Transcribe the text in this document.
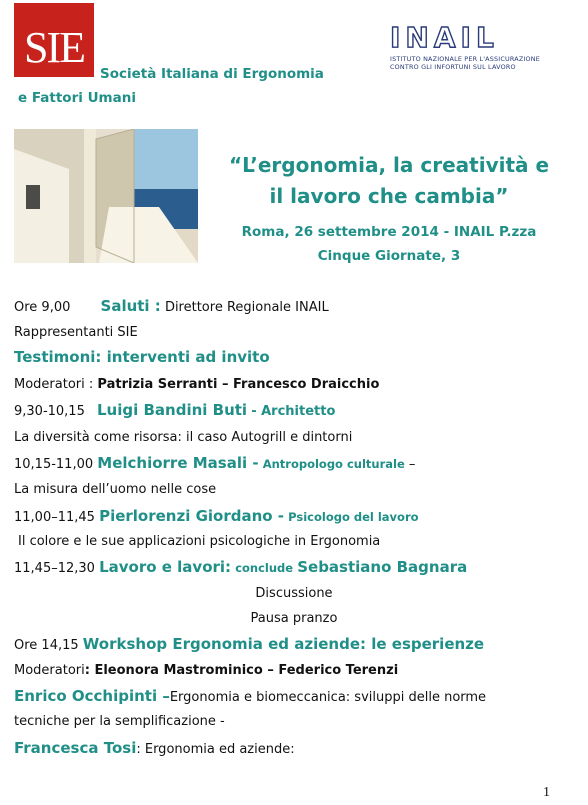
SIE
Società Italiana di Ergonomia
e Fattori Umani
INAIL
ISTITUTO NAZIONALE PER L'ASSICURAZIONE
CONTRO GLI INFORTUNI SUL LAVORO
“L’ergonomia, la creatività e
il lavoro che cambia”
Roma, 26 settembre 2014 - INAIL P.zza
Cinque Giornate, 3
Ore 9,00 Saluti : Direttore Regionale INAIL
Rappresentanti SIE
Testimoni: interventi ad invito
Moderatori : Patrizia Serranti – Francesco Draicchio
9,30-10,15 Luigi Bandini Buti - Architetto
La diversità come risorsa: il caso Autogrill e dintorni
10,15-11,00 Melchiorre Masali - Antropologo culturale –
La misura dell’uomo nelle cose
11,00–11,45 Pierlorenzi Giordano - Psicologo del lavoro
Il colore e le sue applicazioni psicologiche in Ergonomia
11,45–12,30 Lavoro e lavori: conclude Sebastiano Bagnara
Discussione
Pausa pranzo
Ore 14,15 Workshop Ergonomia ed aziende: le esperienze
Moderatori: Eleonora Mastrominico – Federico Terenzi
Enrico Occhipinti –Ergonomia e biomeccanica: sviluppi delle norme
tecniche per la semplificazione -
Francesca Tosi: Ergonomia ed aziende:
1
